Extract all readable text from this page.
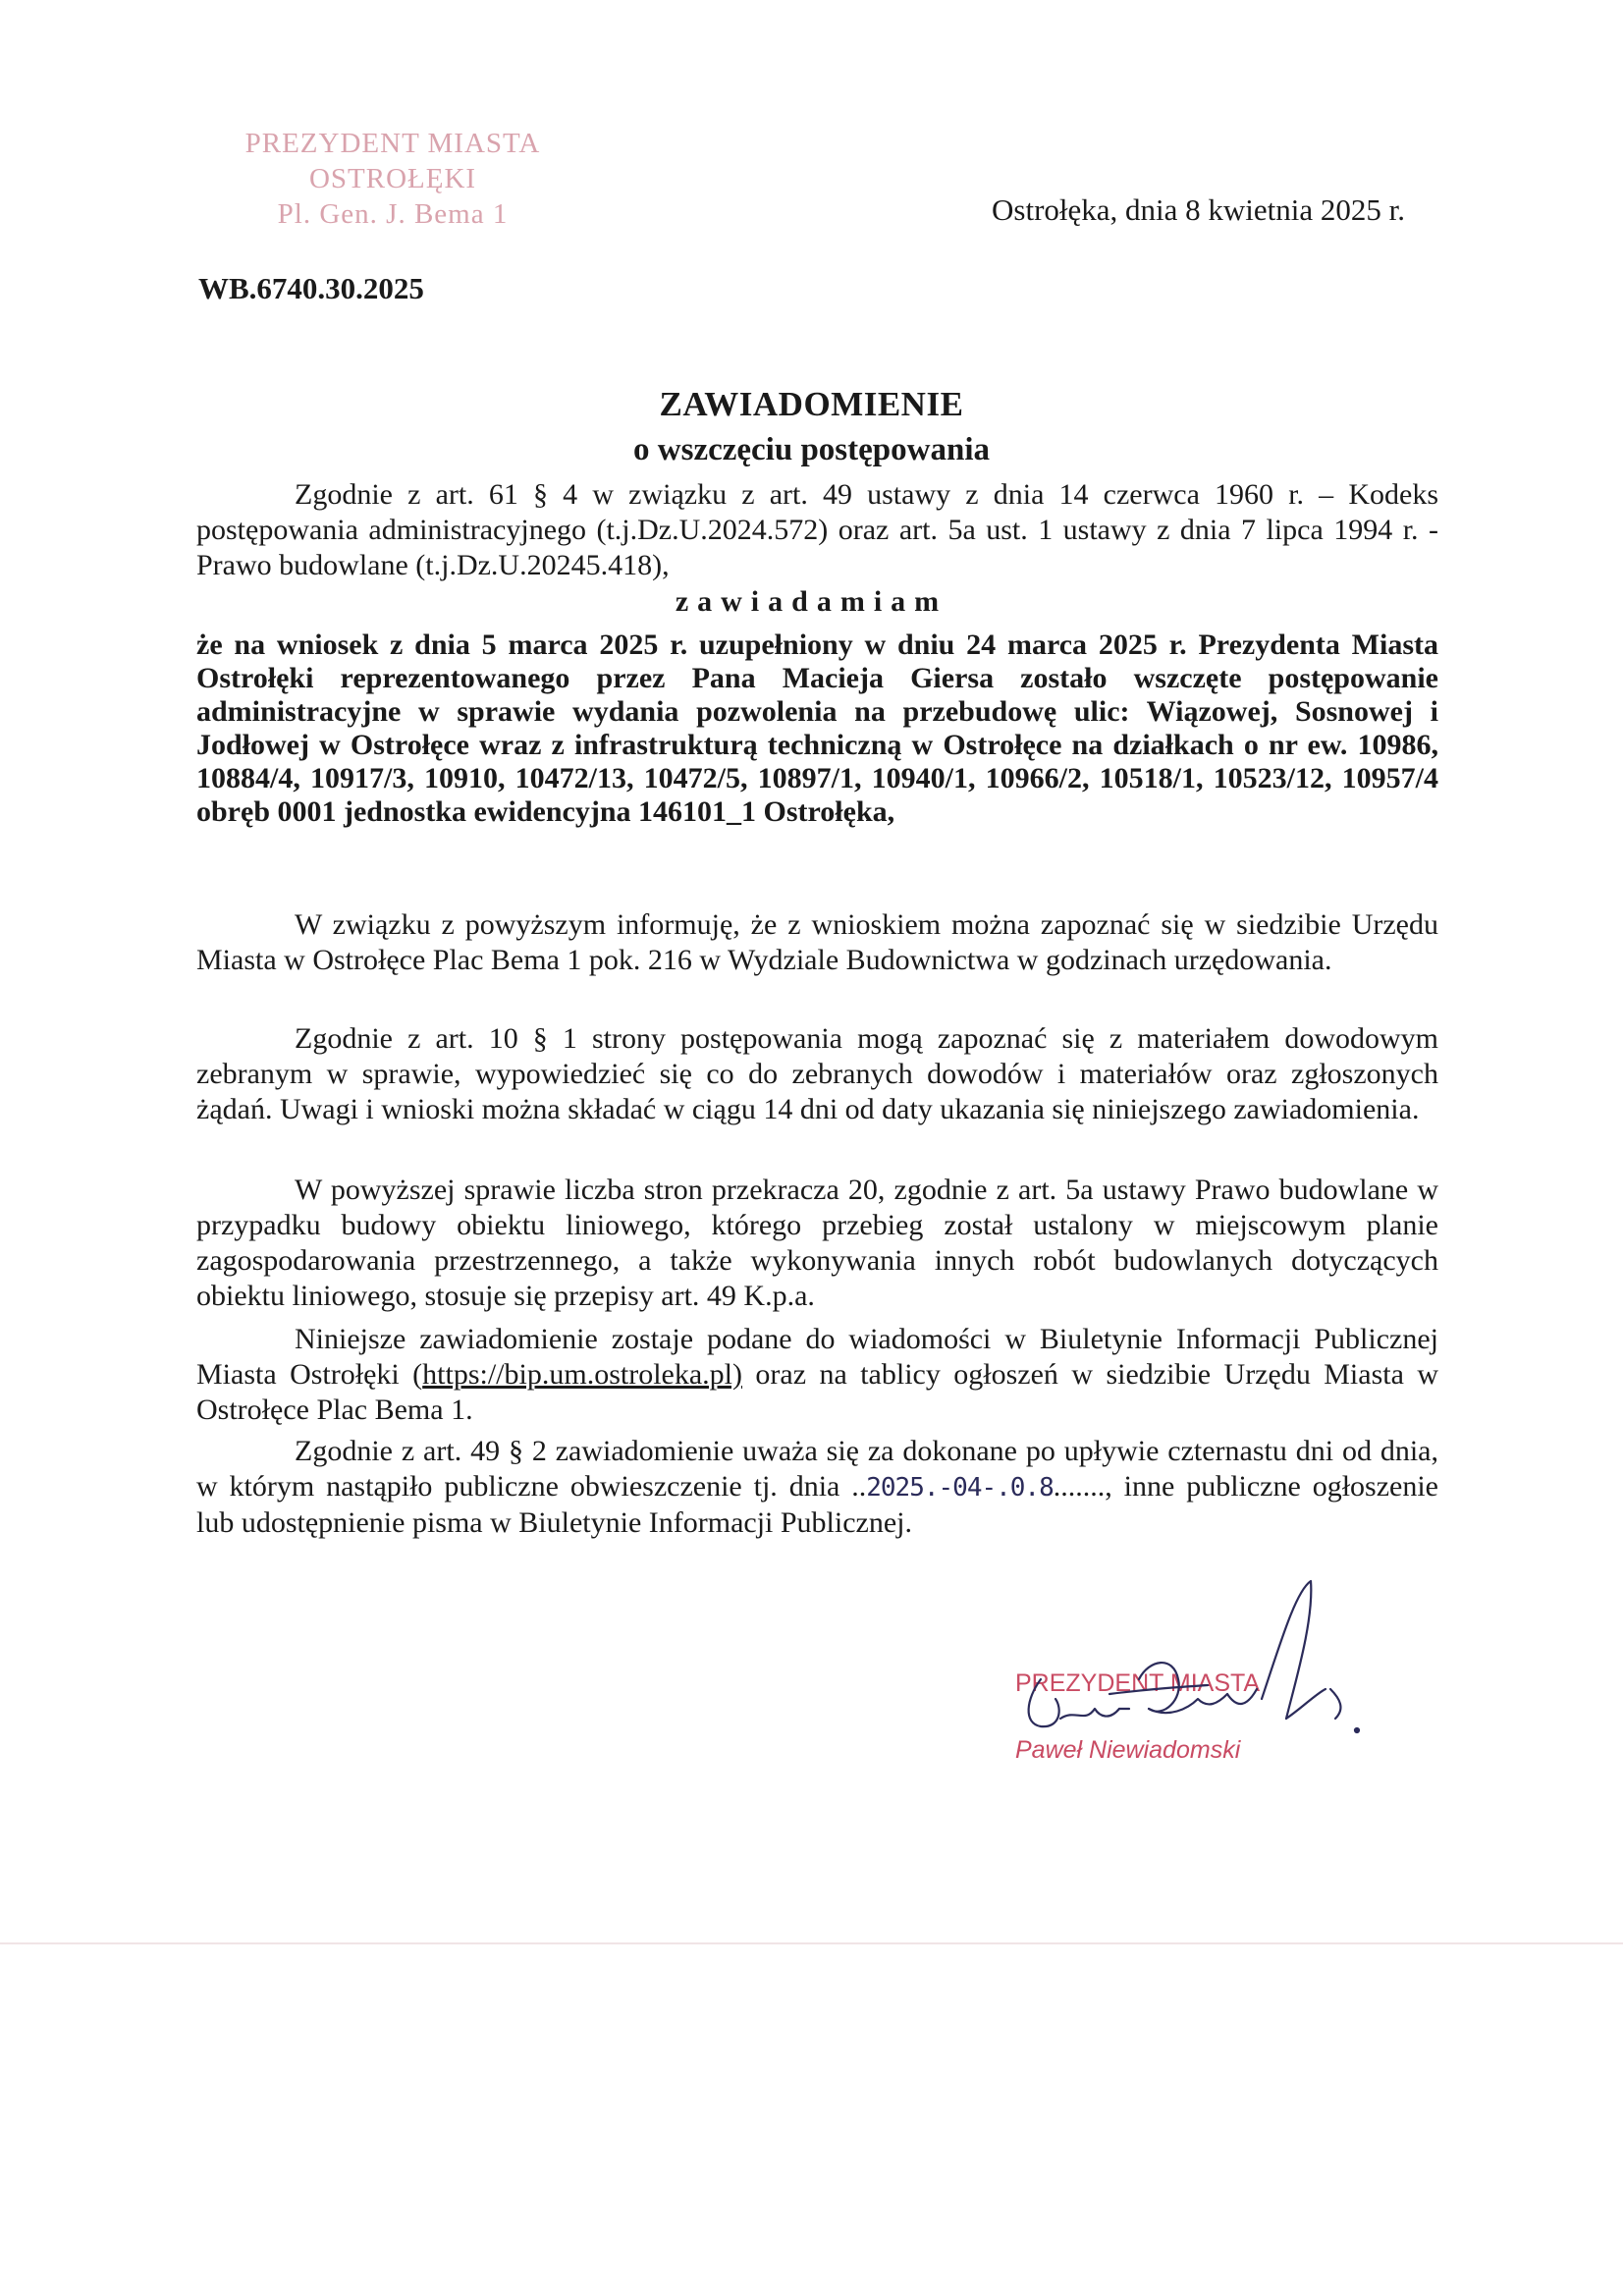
PREZYDENT MIASTA
OSTROŁĘKI
Pl. Gen. J. Bema 1	Ostrołęka, dnia 8 kwietnia 2025 r.
WB.6740.30.2025
ZAWIADOMIENIE
o wszczęciu postępowania
Zgodnie z art. 61 § 4 w związku z art. 49 ustawy z dnia 14 czerwca 1960 r. – Kodeks postępowania administracyjnego (t.j.Dz.U.2024.572) oraz art. 5a ust. 1 ustawy z dnia 7 lipca 1994 r. - Prawo budowlane (t.j.Dz.U.20245.418),
zawiadamiam
że na wniosek z dnia 5 marca 2025 r. uzupełniony w dniu 24 marca 2025 r. Prezydenta Miasta Ostrołęki reprezentowanego przez Pana Macieja Giersa zostało wszczęte postępowanie administracyjne w sprawie wydania pozwolenia na przebudowę ulic: Wiązowej, Sosnowej i Jodłowej w Ostrołęce wraz z infrastrukturą techniczną w Ostrołęce na działkach o nr ew. 10986, 10884/4, 10917/3, 10910, 10472/13, 10472/5, 10897/1, 10940/1, 10966/2, 10518/1, 10523/12, 10957/4 obręb 0001 jednostka ewidencyjna 146101_1 Ostrołęka,
W związku z powyższym informuję, że z wnioskiem można zapoznać się w siedzibie Urzędu Miasta w Ostrołęce Plac Bema 1 pok. 216 w Wydziale Budownictwa w godzinach urzędowania.
Zgodnie z art. 10 § 1 strony postępowania mogą zapoznać się z materiałem dowodowym zebranym w sprawie, wypowiedzieć się co do zebranych dowodów i materiałów oraz zgłoszonych żądań. Uwagi i wnioski można składać w ciągu 14 dni od daty ukazania się niniejszego zawiadomienia.
W powyższej sprawie liczba stron przekracza 20, zgodnie z art. 5a ustawy Prawo budowlane w przypadku budowy obiektu liniowego, którego przebieg został ustalony w miejscowym planie zagospodarowania przestrzennego, a także wykonywania innych robót budowlanych dotyczących obiektu liniowego, stosuje się przepisy art. 49 K.p.a.
Niniejsze zawiadomienie zostaje podane do wiadomości w Biuletynie Informacji Publicznej Miasta Ostrołęki (https://bip.um.ostroleka.pl) oraz na tablicy ogłoszeń w siedzibie Urzędu Miasta w Ostrołęce Plac Bema 1.
Zgodnie z art. 49 § 2 zawiadomienie uważa się za dokonane po upływie czternastu dni od dnia, w którym nastąpiło publiczne obwieszczenie tj. dnia ..2025.-04-.0.8......., inne publiczne ogłoszenie lub udostępnienie pisma w Biuletynie Informacji Publicznej.
PREZYDENT MIASTA
Paweł Niewiadomski
